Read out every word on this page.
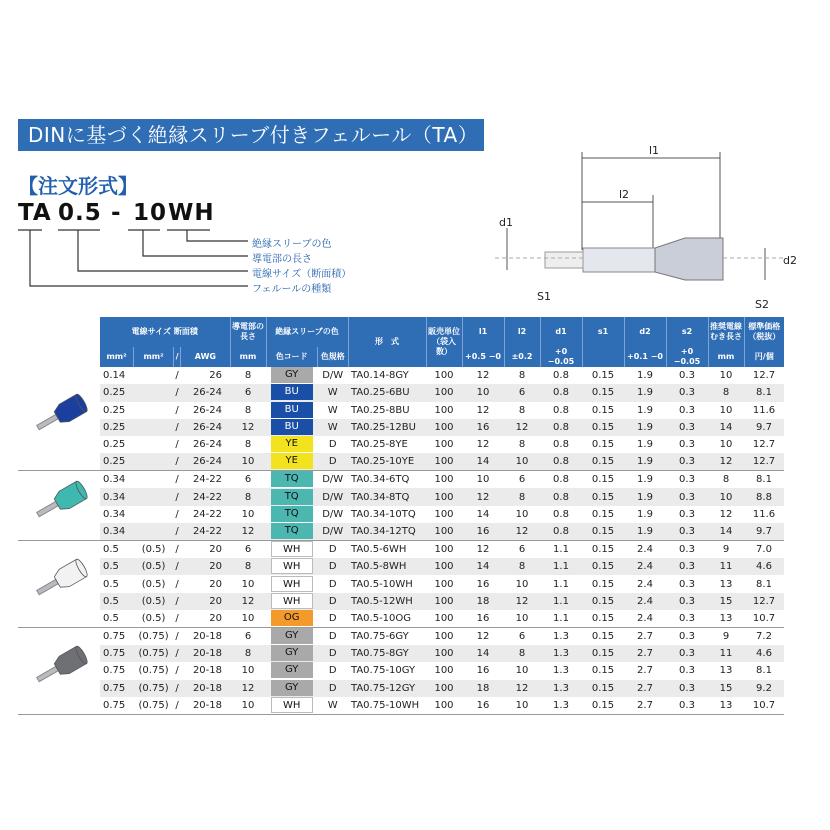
DINに基づく絶縁スリーブ付きフェルール（TA）
【注文形式】
TA 0.5 - 10 WH
絶縁スリーブの色
導電部の長さ
電線サイズ（断面積）
フェルールの種類
l1
l2
d1
d2
S1
S2
	電線サイズ 断面積				導電部の長さ	絶縁スリーブの色		形　式	販売単位（袋入数）	l1	l2	d1	s1	d2	s2	推奨電線むき長さ	標準価格（税抜）
	mm²	mm²	/	AWG	mm	色コード	色規格			+0.5 −0	±0.2	+0 −0.05		+0.1 −0	+0 −0.05	mm	円/個
	0.14		/	26	8	GY	D/W	TA0.14-8GY	100	12	8	0.8	0.15	1.9	0.3	10	12.7
	0.25		/	26-24	6	BU	W	TA0.25-6BU	100	10	6	0.8	0.15	1.9	0.3	8	8.1
	0.25		/	26-24	8	BU	W	TA0.25-8BU	100	12	8	0.8	0.15	1.9	0.3	10	11.6
	0.25		/	26-24	12	BU	W	TA0.25-12BU	100	16	12	0.8	0.15	1.9	0.3	14	9.7
	0.25		/	26-24	8	YE	D	TA0.25-8YE	100	12	8	0.8	0.15	1.9	0.3	10	12.7
	0.25		/	26-24	10	YE	D	TA0.25-10YE	100	14	10	0.8	0.15	1.9	0.3	12	12.7
	0.34		/	24-22	6	TQ	D/W	TA0.34-6TQ	100	10	6	0.8	0.15	1.9	0.3	8	8.1
	0.34		/	24-22	8	TQ	D/W	TA0.34-8TQ	100	12	8	0.8	0.15	1.9	0.3	10	8.8
	0.34		/	24-22	10	TQ	D/W	TA0.34-10TQ	100	14	10	0.8	0.15	1.9	0.3	12	11.6
	0.34		/	24-22	12	TQ	D/W	TA0.34-12TQ	100	16	12	0.8	0.15	1.9	0.3	14	9.7
	0.5	(0.5)	/	20	6	WH	D	TA0.5-6WH	100	12	6	1.1	0.15	2.4	0.3	9	7.0
	0.5	(0.5)	/	20	8	WH	D	TA0.5-8WH	100	14	8	1.1	0.15	2.4	0.3	11	4.6
	0.5	(0.5)	/	20	10	WH	D	TA0.5-10WH	100	16	10	1.1	0.15	2.4	0.3	13	8.1
	0.5	(0.5)	/	20	12	WH	D	TA0.5-12WH	100	18	12	1.1	0.15	2.4	0.3	15	12.7
	0.5	(0.5)	/	20	10	OG	D	TA0.5-10OG	100	16	10	1.1	0.15	2.4	0.3	13	10.7
	0.75	(0.75)	/	20-18	6	GY	D	TA0.75-6GY	100	12	6	1.3	0.15	2.7	0.3	9	7.2
	0.75	(0.75)	/	20-18	8	GY	D	TA0.75-8GY	100	14	8	1.3	0.15	2.7	0.3	11	4.6
	0.75	(0.75)	/	20-18	10	GY	D	TA0.75-10GY	100	16	10	1.3	0.15	2.7	0.3	13	8.1
	0.75	(0.75)	/	20-18	12	GY	D	TA0.75-12GY	100	18	12	1.3	0.15	2.7	0.3	15	9.2
	0.75	(0.75)	/	20-18	10	WH	W	TA0.75-10WH	100	16	10	1.3	0.15	2.7	0.3	13	10.7
